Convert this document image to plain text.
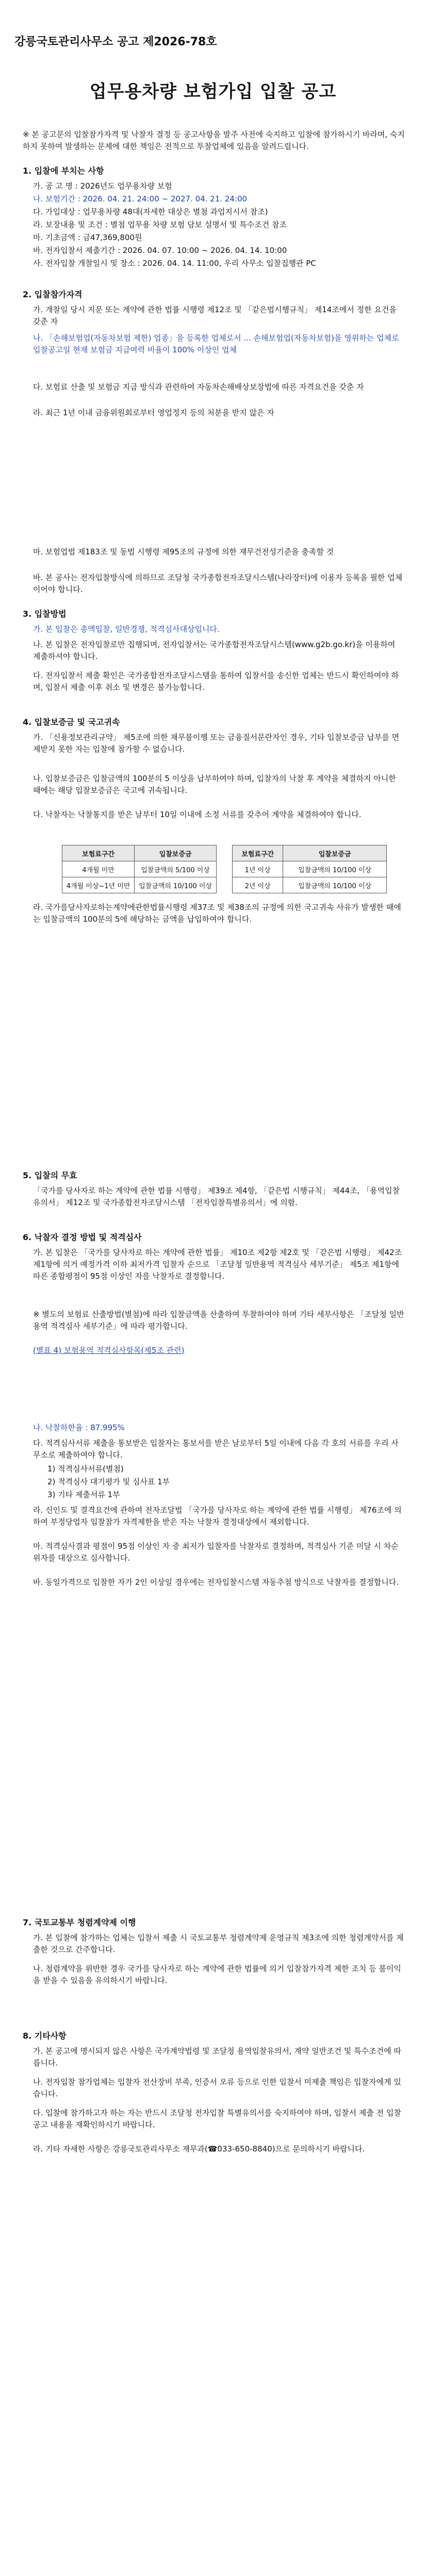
강릉국토관리사무소 공고 제2026-78호
업무용차량 보험가입 입찰 공고
※ 본 공고문의 입찰참가자격 및 낙찰자 결정 등 공고사항을 발주 사전에 숙지하고 입찰에 참가하시기 바라며, 숙지하지 못하여 발생하는 문제에 대한 책임은 전적으로 투찰업체에 있음을 알려드립니다.
1. 입찰에 부치는 사항
가. 공 고 명 : 2026년도 업무용차량 보험
나. 보험기간 : 2026. 04. 21. 24:00 ~ 2027. 04. 21. 24:00
다. 가입대상 : 업무용차량 48대(자세한 대상은 별첨 과업지시서 참조)
라. 보장내용 및 조건 : 별첨 업무용 차량 보험 담보 설명서 및 특수조건 참조
마. 기초금액 : 금47,369,800원
바. 전자입찰서 제출기간 : 2026. 04. 07. 10:00 ~ 2026. 04. 14. 10:00
사. 전자입찰 개찰일시 및 장소 : 2026. 04. 14. 11:00, 우리 사무소 입찰집행관 PC
2. 입찰참가자격
가. 개찰일 당시 지문 또는 계약에 관한 법률 시행령 제12조 및 「같은법시행규칙」 제14조에서 정한 요건을 갖춘 자
나. 「손해보험업(자동차보험 제한) 업종」을 등록한 업체로서 ... 손해보험업(자동차보험)을 영위하는 업체로 입찰공고일 현재 보험금 지급여력 비율이 100% 이상인 업체
다. 보험료 산출 및 보험금 지급 방식과 관련하여 자동차손해배상보장법에 따른 자격요건을 갖춘 자
라. 최근 1년 이내 금융위원회로부터 영업정지 등의 처분을 받지 않은 자
마. 보험업법 제183조 및 동법 시행령 제95조의 규정에 의한 재무건전성기준을 충족할 것
바. 본 공사는 전자입찰방식에 의하므로 조달청 국가종합전자조달시스템(나라장터)에 이용자 등록을 필한 업체이어야 합니다.
3. 입찰방법
가. 본 입찰은 총액입찰, 일반경쟁, 적격심사대상입니다.
나. 본 입찰은 전자입찰로만 집행되며, 전자입찰서는 국가종합전자조달시스템(www.g2b.go.kr)을 이용하여 제출하셔야 합니다.
다. 전자입찰서 제출 확인은 국가종합전자조달시스템을 통하여 입찰서를 송신한 업체는 반드시 확인하여야 하며, 입찰서 제출 이후 취소 및 변경은 불가능합니다.
4. 입찰보증금 및 국고귀속
가. 「신용정보관리규약」 제5조에 의한 채무불이행 또는 금융질서문란자인 경우, 기타 입찰보증금 납부를 면제받지 못한 자는 입찰에 참가할 수 없습니다.
나. 입찰보증금은 입찰금액의 100분의 5 이상을 납부하여야 하며, 입찰자의 낙찰 후 계약을 체결하지 아니한 때에는 해당 입찰보증금은 국고에 귀속됩니다.
다. 낙찰자는 낙찰통지를 받은 날부터 10일 이내에 소정 서류를 갖추어 계약을 체결하여야 합니다.
보험료구간	입찰보증금
4개월 미만	입찰금액의 5/100 이상
4개월 이상~1년 미만	입찰금액의 10/100 이상
보험료구간	입찰보증금
1년 이상	입찰금액의 10/100 이상
2년 이상	입찰금액의 10/100 이상
라. 국가를당사자로하는계약에관한법률시행령 제37조 및 제38조의 규정에 의한 국고귀속 사유가 발생한 때에는 입찰금액의 100분의 5에 해당하는 금액을 납입하여야 합니다.
5. 입찰의 무효
「국가를 당사자로 하는 계약에 관한 법률 시행령」 제39조 제4항, 「같은법 시행규칙」 제44조, 「용역입찰 유의서」 제12조 및 국가종합전자조달시스템 「전자입찰특별유의서」에 의함.
6. 낙찰자 결정 방법 및 적격심사
가. 본 입찰은 「국가를 당사자로 하는 계약에 관한 법률」 제10조 제2항 제2호 및 「같은법 시행령」 제42조 제1항에 의거 예정가격 이하 최저가격 입찰자 순으로 「조달청 일반용역 적격심사 세부기준」 제5조 제1항에 따른 종합평점이 95점 이상인 자를 낙찰자로 결정합니다.
※ 별도의 보험료 산출방법(별첨)에 따라 입찰금액을 산출하여 투찰하여야 하며 기타 세부사항은 「조달청 일반용역 적격심사 세부기준」에 따라 평가합니다.
(별표 4) 보험용역 적격심사항목(제5조 관련)
나. 낙찰하한율 : 87.995%
다. 적격심사서류 제출을 통보받은 입찰자는 통보서를 받은 날로부터 5일 이내에 다음 각 호의 서류를 우리 사무소로 제출하여야 합니다.
1) 적격심사서류(별첨)
2) 적격심사 대기평가 및 심사표 1부
3) 기타 제출서류 1부
라. 신인도 및 결격요건에 관하여 전자조달법 「국가를 당사자로 하는 계약에 관한 법률 시행령」 제76조에 의하여 부정당업자 입찰참가 자격제한을 받은 자는 낙찰자 결정대상에서 제외합니다.
마. 적격심사결과 평점이 95점 이상인 자 중 최저가 입찰자를 낙찰자로 결정하며, 적격심사 기준 미달 시 차순위자를 대상으로 심사합니다.
바. 동일가격으로 입찰한 자가 2인 이상일 경우에는 전자입찰시스템 자동추첨 방식으로 낙찰자를 결정합니다.
7. 국토교통부 청렴계약제 이행
가. 본 입찰에 참가하는 업체는 입찰서 제출 시 국토교통부 청렴계약제 운영규칙 제3조에 의한 청렴계약서를 제출한 것으로 간주합니다.
나. 청렴계약을 위반한 경우 국가를 당사자로 하는 계약에 관한 법률에 의거 입찰참가자격 제한 조치 등 불이익을 받을 수 있음을 유의하시기 바랍니다.
8. 기타사항
가. 본 공고에 명시되지 않은 사항은 국가계약법령 및 조달청 용역입찰유의서, 계약 일반조건 및 특수조건에 따릅니다.
나. 전자입찰 참가업체는 입찰자 전산장비 부족, 인증서 오류 등으로 인한 입찰서 미제출 책임은 입찰자에게 있습니다.
다. 입찰에 참가하고자 하는 자는 반드시 조달청 전자입찰 특별유의서를 숙지하여야 하며, 입찰서 제출 전 입찰공고 내용을 재확인하시기 바랍니다.
라. 기타 자세한 사항은 강릉국토관리사무소 재무과(☎033-650-8840)으로 문의하시기 바랍니다.
